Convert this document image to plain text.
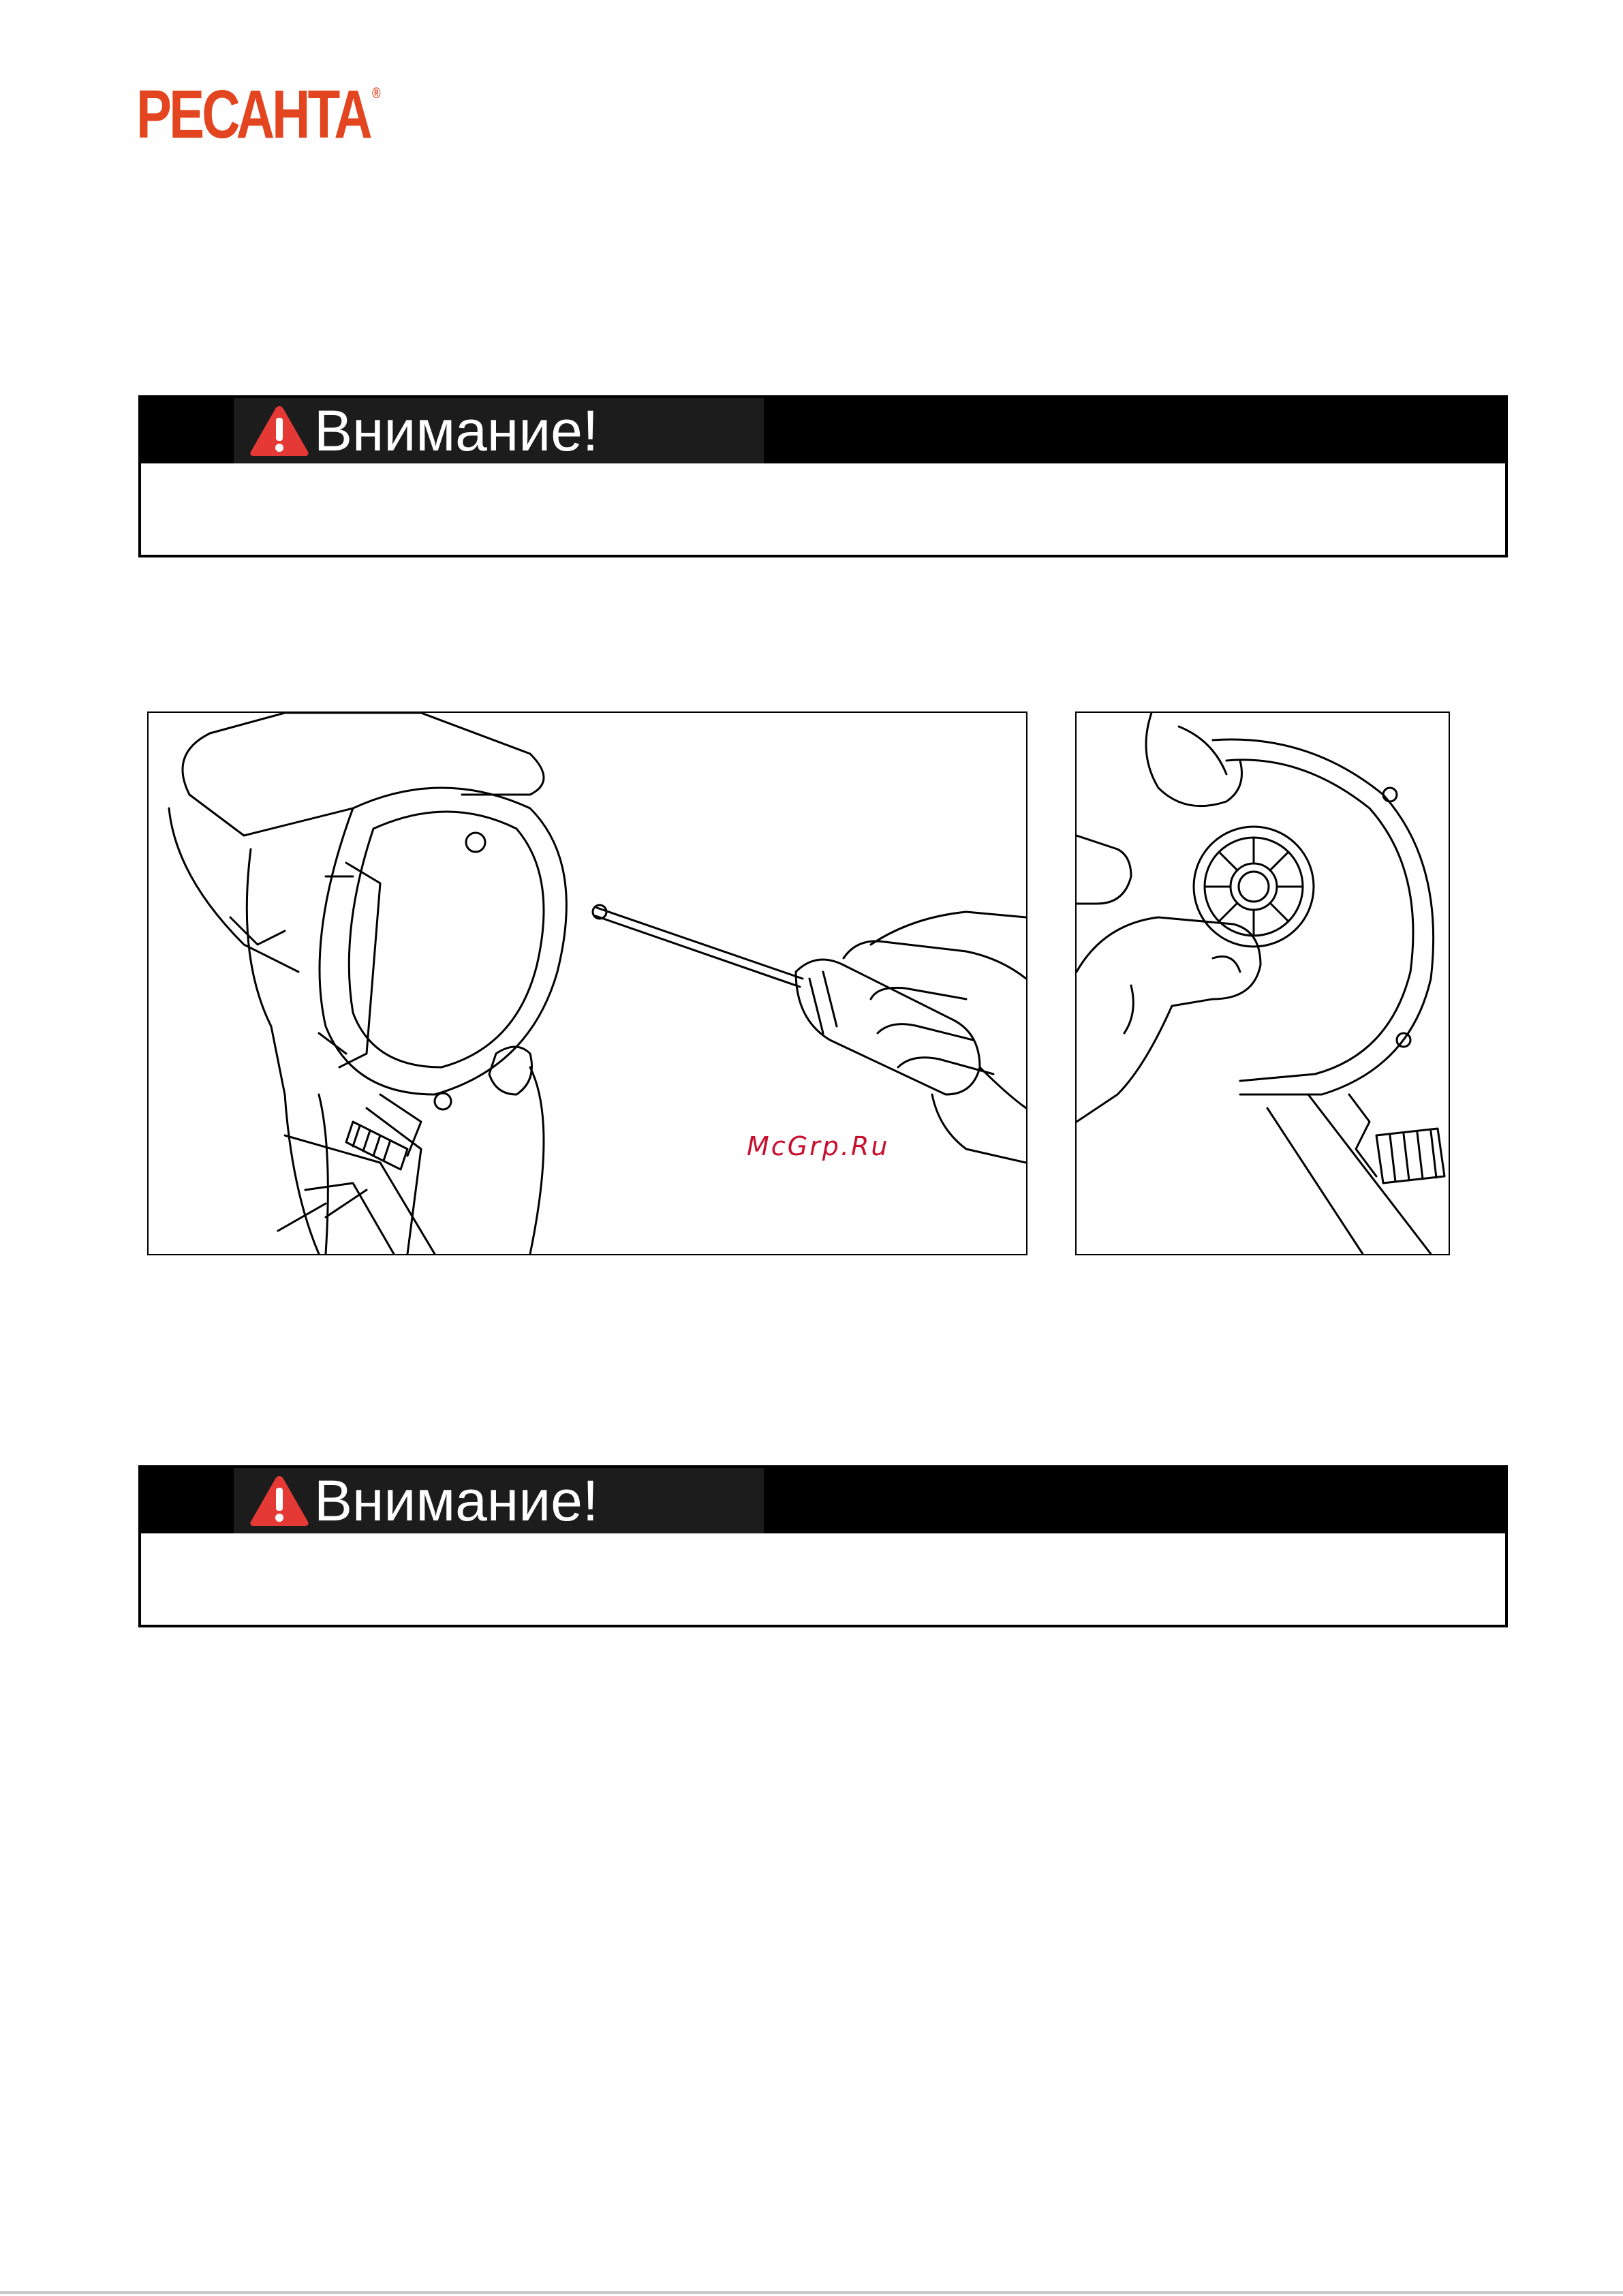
РЕСАНТА ®
Внимание!
McGrp.Ru
Внимание!
